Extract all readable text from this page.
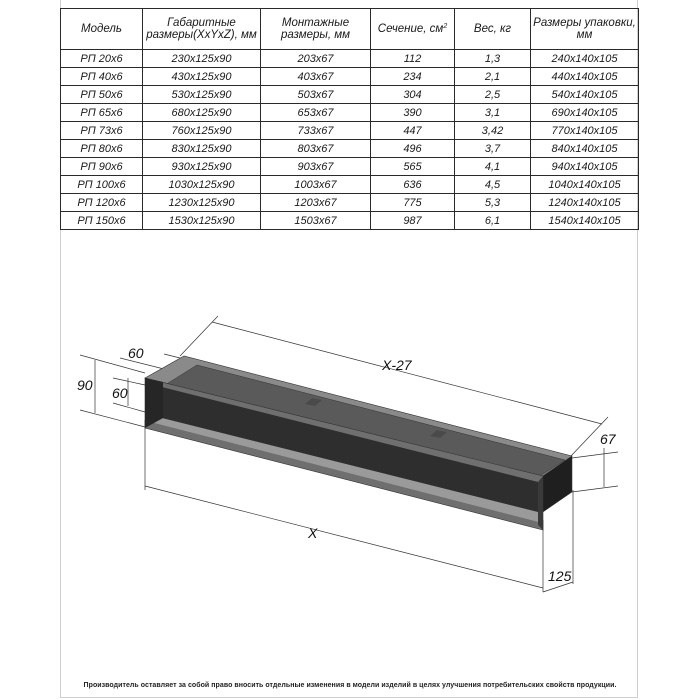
Модель	Габаритные размеры(XxYxZ), мм	Монтажные размеры, мм	Сечение, $см^2$	Вес, кг	Размеры упаковки, мм
РП 20x6	230x125x90	203x67	112	1,3	240x140x105
РП 40x6	430x125x90	403x67	234	2,1	440x140x105
РП 50x6	530x125x90	503x67	304	2,5	540x140x105
РП 65x6	680x125x90	653x67	390	3,1	690x140x105
РП 73x6	760x125x90	733x67	447	3,42	770x140x105
РП 80x6	830x125x90	803x67	496	3,7	840x140x105
РП 90x6	930x125x90	903x67	565	4,1	940x140x105
РП 100x6	1030x125x90	1003x67	636	4,5	1040x140x105
РП 120x6	1230x125x90	1203x67	775	5,3	1240x140x105
РП 150x6	1530x125x90	1503x67	987	6,1	1540x140x105
X-27
X
60
90 60
67
125
Производитель оставляет за собой право вносить отдельные изменения в модели изделий в целях улучшения потребительских свойств продукции.
